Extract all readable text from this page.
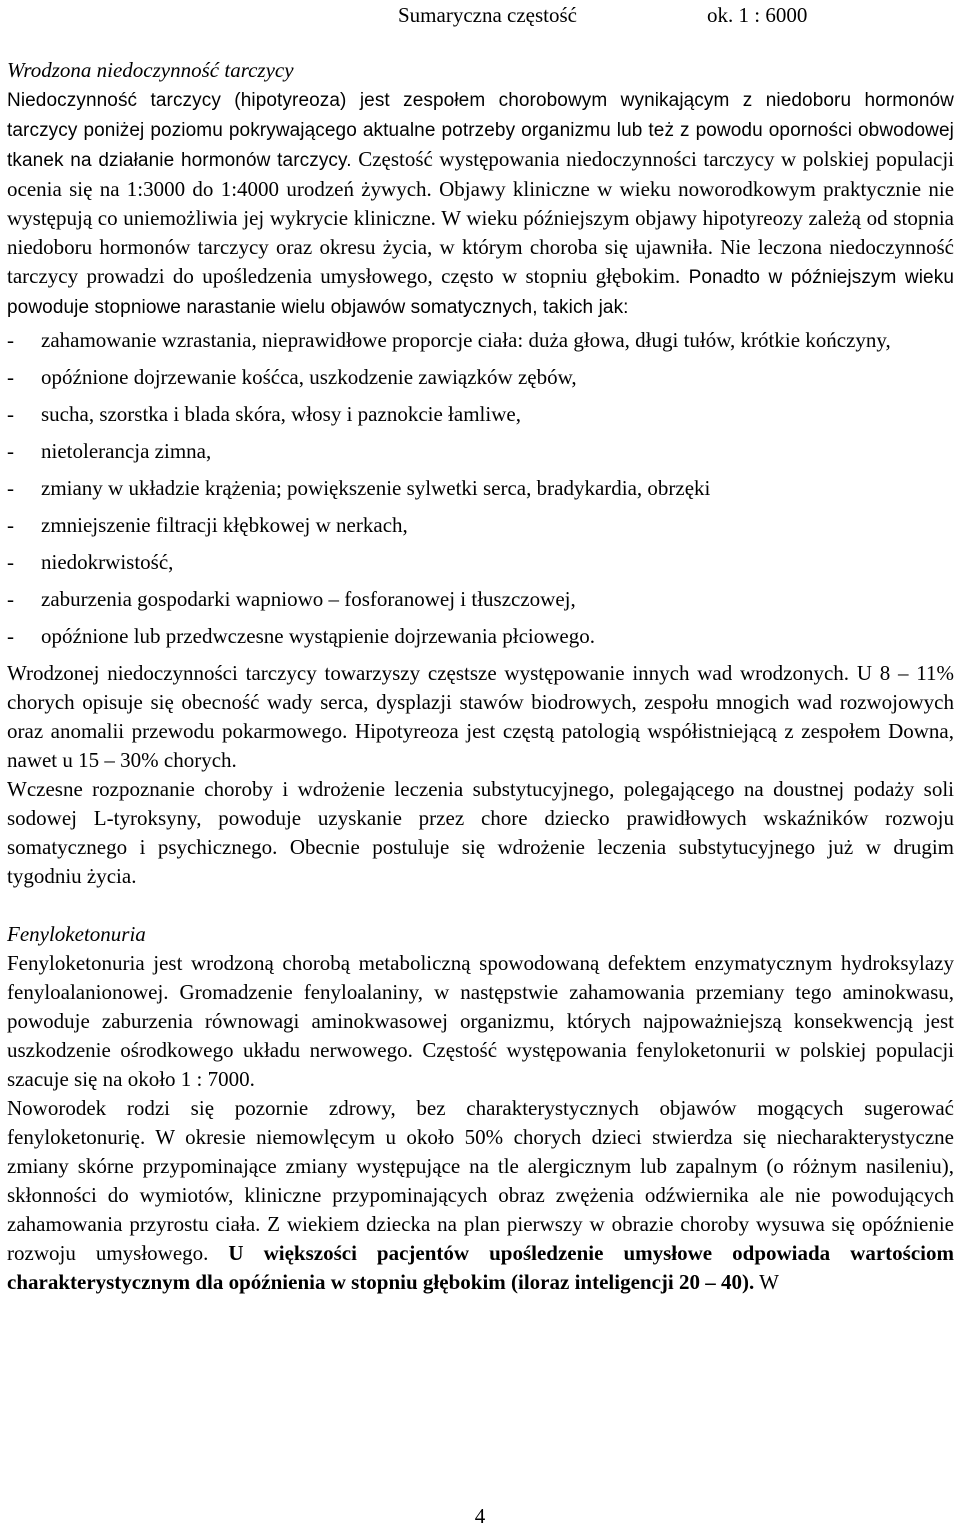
Sumaryczna częstość	ok. 1 : 6000
Wrodzona niedoczynność tarczycy

Niedoczynność tarczycy (hipotyreoza) jest zespołem chorobowym wynikającym z niedoboru hormonów tarczycy poniżej poziomu pokrywającego aktualne potrzeby organizmu lub też z powodu oporności obwodowej tkanek na działanie hormonów tarczycy. Częstość występowania niedoczynności tarczycy w polskiej populacji ocenia się na 1:3000 do 1:4000 urodzeń żywych. Objawy kliniczne w wieku noworodkowym praktycznie nie występują co uniemożliwia jej wykrycie kliniczne. W wieku późniejszym objawy hipotyreozy zależą od stopnia niedoboru hormonów tarczycy oraz okresu życia, w którym choroba się ujawniła. Nie leczona niedoczynność tarczycy prowadzi do upośledzenia umysłowego, często w stopniu głębokim. Ponadto w późniejszym wieku powoduje stopniowe narastanie wielu objawów somatycznych, takich jak:

- zahamowanie wzrastania, nieprawidłowe proporcje ciała: duża głowa, długi tułów, krótkie kończyny,
- opóźnione dojrzewanie kośćca, uszkodzenie zawiązków zębów,
- sucha, szorstka i blada skóra, włosy i paznokcie łamliwe,
- nietolerancja zimna,
- zmiany w układzie krążenia; powiększenie sylwetki serca, bradykardia, obrzęki
- zmniejszenie filtracji kłębkowej w nerkach,
- niedokrwistość,
- zaburzenia gospodarki wapniowo – fosforanowej i tłuszczowej,
- opóźnione lub przedwczesne wystąpienie dojrzewania płciowego.

Wrodzonej niedoczynności tarczycy towarzyszy częstsze występowanie innych wad wrodzonych. U 8 – 11% chorych opisuje się obecność wady serca, dysplazji stawów biodrowych, zespołu mnogich wad rozwojowych oraz anomalii przewodu pokarmowego. Hipotyreoza jest częstą patologią współistniejącą z zespołem Downa, nawet u 15 – 30% chorych.

Wczesne rozpoznanie choroby i wdrożenie leczenia substytucyjnego, polegającego na doustnej podaży soli sodowej L-tyroksyny, powoduje uzyskanie przez chore dziecko prawidłowych wskaźników rozwoju somatycznego i psychicznego. Obecnie postuluje się wdrożenie leczenia substytucyjnego już w drugim tygodniu życia.

Fenyloketonuria

Fenyloketonuria jest wrodzoną chorobą metaboliczną spowodowaną defektem enzymatycznym hydroksylazy fenyloalanionowej. Gromadzenie fenyloalaniny, w następstwie zahamowania przemiany tego aminokwasu, powoduje zaburzenia równowagi aminokwasowej organizmu, których najpoważniejszą konsekwencją jest uszkodzenie ośrodkowego układu nerwowego. Częstość występowania fenyloketonurii w polskiej populacji szacuje się na około 1 : 7000.

Noworodek rodzi się pozornie zdrowy, bez charakterystycznych objawów mogących sugerować fenyloketonurię. W okresie niemowlęcym u około 50% chorych dzieci stwierdza się niecharakterystyczne zmiany skórne przypominające zmiany występujące na tle alergicznym lub zapalnym (o różnym nasileniu), skłonności do wymiotów, kliniczne przypominających obraz zwężenia odźwiernika ale nie powodujących zahamowania przyrostu ciała. Z wiekiem dziecka na plan pierwszy w obrazie choroby wysuwa się opóźnienie rozwoju umysłowego. U większości pacjentów upośledzenie umysłowe odpowiada wartościom charakterystycznym dla opóźnienia w stopniu głębokim (iloraz inteligencji 20 – 40). W

4
